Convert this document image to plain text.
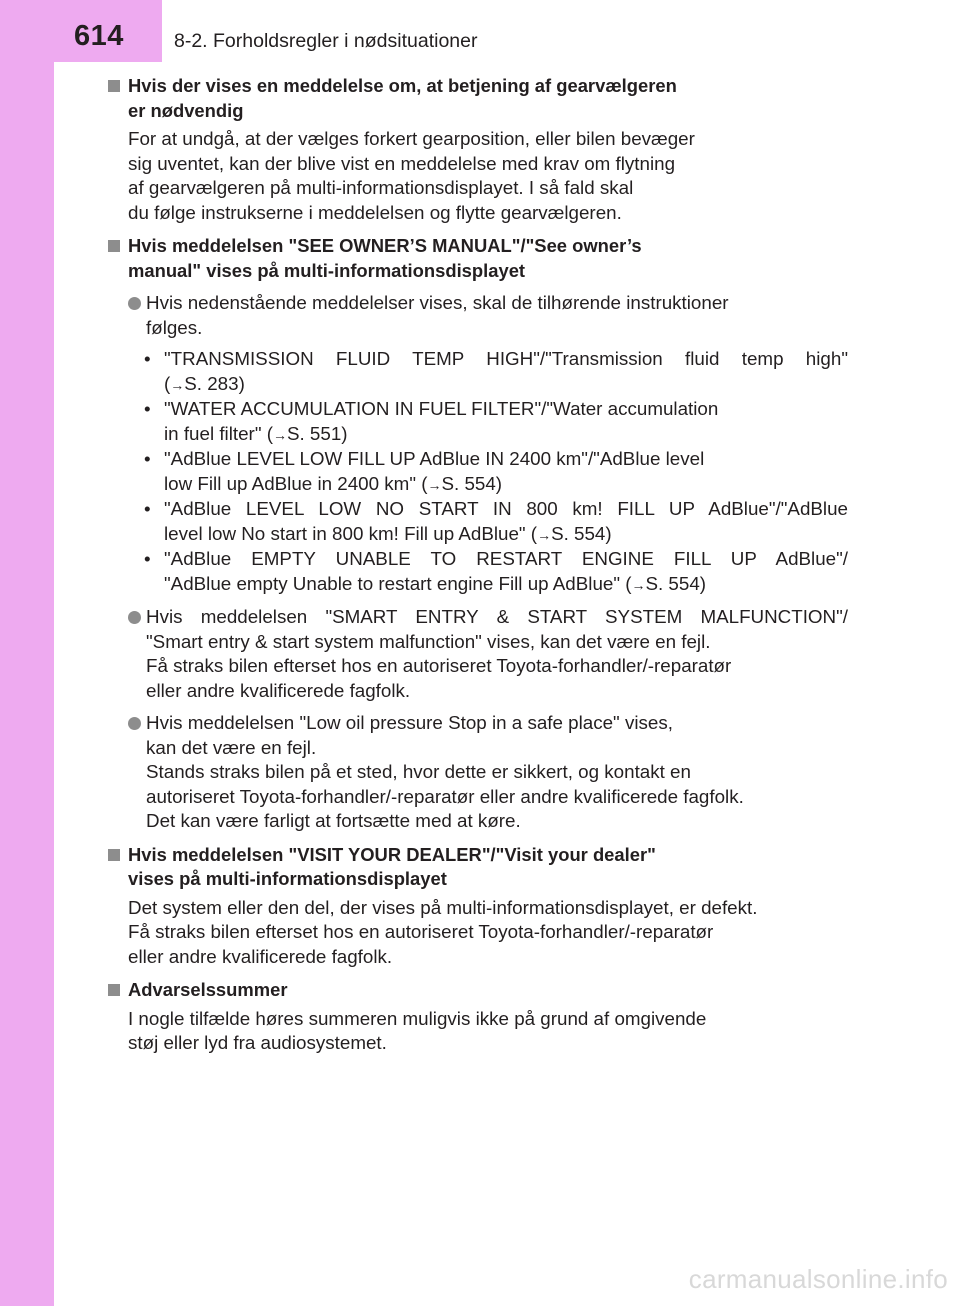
614	8-2. Forholdsregler i nødsituationer
Hvis der vises en meddelelse om, at betjening af gearvælgeren
er nødvendig
For at undgå, at der vælges forkert gearposition, eller bilen bevæger
sig uventet, kan der blive vist en meddelelse med krav om flytning
af gearvælgeren på multi-informationsdisplayet. I så fald skal
du følge instrukserne i meddelelsen og flytte gearvælgeren.
Hvis meddelelsen "SEE OWNER’S MANUAL"/"See owner’s
manual" vises på multi-informationsdisplayet
Hvis nedenstående meddelelser vises, skal de tilhørende instruktioner
følges.
• "TRANSMISSION FLUID TEMP HIGH"/"Transmission fluid temp high"
(→S. 283)
• "WATER ACCUMULATION IN FUEL FILTER"/"Water accumulation
in fuel filter" (→S. 551)
• "AdBlue LEVEL LOW FILL UP AdBlue IN 2400 km"/"AdBlue level
low Fill up AdBlue in 2400 km" (→S. 554)
• "AdBlue LEVEL LOW NO START IN 800 km! FILL UP AdBlue"/"AdBlue
level low No start in 800 km! Fill up AdBlue" (→S. 554)
• "AdBlue EMPTY UNABLE TO RESTART ENGINE FILL UP AdBlue"/
"AdBlue empty Unable to restart engine Fill up AdBlue" (→S. 554)
Hvis meddelelsen "SMART ENTRY & START SYSTEM MALFUNCTION"/
"Smart entry & start system malfunction" vises, kan det være en fejl.
Få straks bilen efterset hos en autoriseret Toyota-forhandler/-reparatør
eller andre kvalificerede fagfolk.
Hvis meddelelsen "Low oil pressure Stop in a safe place" vises,
kan det være en fejl.
Stands straks bilen på et sted, hvor dette er sikkert, og kontakt en
autoriseret Toyota-forhandler/-reparatør eller andre kvalificerede fagfolk.
Det kan være farligt at fortsætte med at køre.
Hvis meddelelsen "VISIT YOUR DEALER"/"Visit your dealer"
vises på multi-informationsdisplayet
Det system eller den del, der vises på multi-informationsdisplayet, er defekt.
Få straks bilen efterset hos en autoriseret Toyota-forhandler/-reparatør
eller andre kvalificerede fagfolk.
Advarselssummer
I nogle tilfælde høres summeren muligvis ikke på grund af omgivende
støj eller lyd fra audiosystemet.
carmanualsonline.info
